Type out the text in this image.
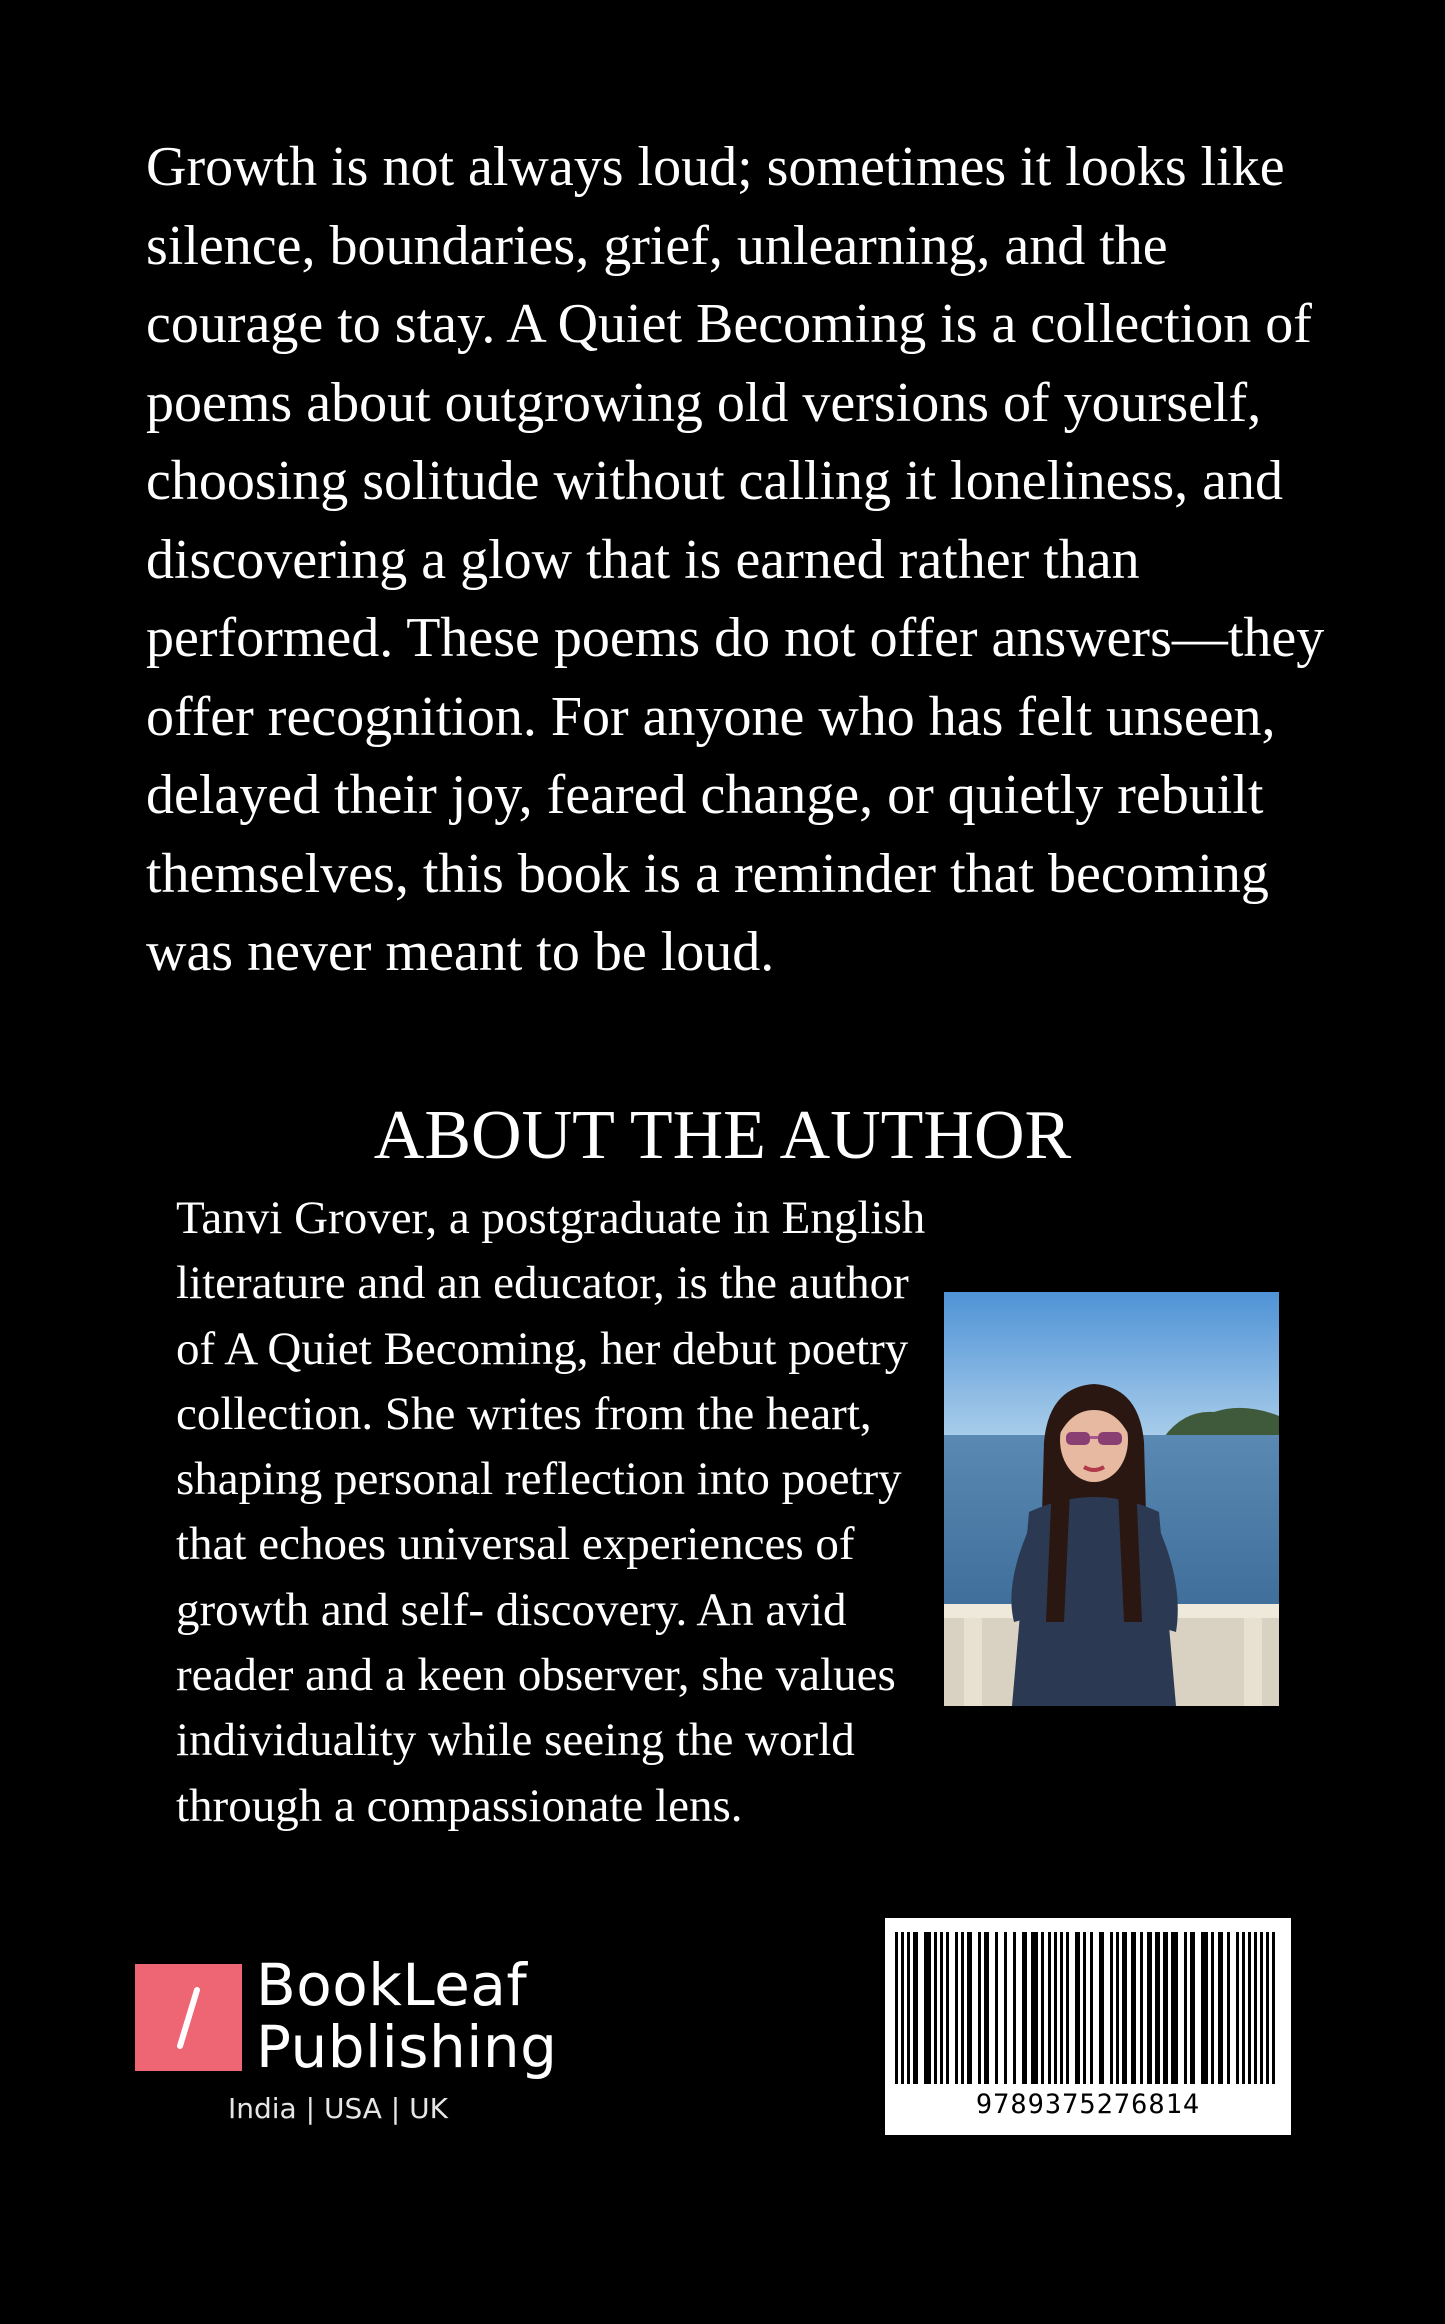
Growth is not always loud; sometimes it looks like silence, boundaries, grief, unlearning, and the courage to stay. A Quiet Becoming is a collection of poems about outgrowing old versions of yourself, choosing solitude without calling it loneliness, and discovering a glow that is earned rather than performed. These poems do not offer answers—they offer recognition. For anyone who has felt unseen, delayed their joy, feared change, or quietly rebuilt themselves, this book is a reminder that becoming was never meant to be loud.

ABOUT THE AUTHOR

Tanvi Grover, a postgraduate in English literature and an educator, is the author of A Quiet Becoming, her debut poetry collection. She writes from the heart, shaping personal reflection into poetry that echoes universal experiences of growth and self- discovery. An avid reader and a keen observer, she values individuality while seeing the world through a compassionate lens.

BookLeaf
Publishing
India | USA | UK	9789375276814
